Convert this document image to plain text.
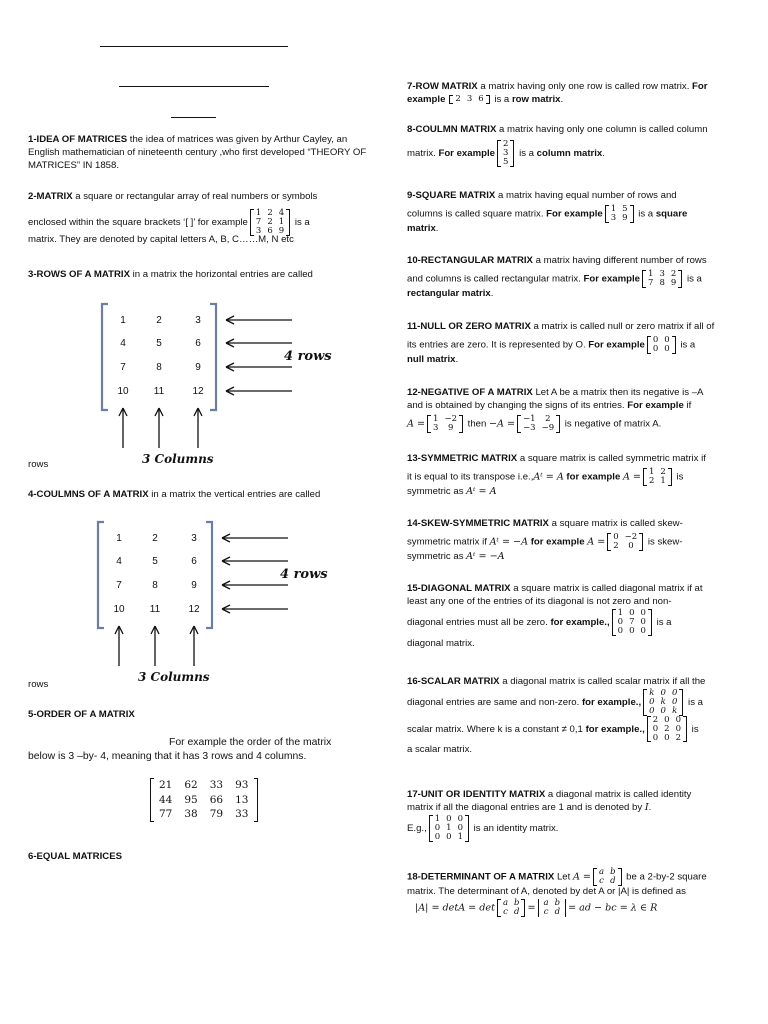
1-IDEA OF MATRICES the idea of matrices was given by Arthur Cayley, an English mathematician of nineteenth century ,who first developed “THEORY OF MATRICES” IN 1858.
2-MATRIX a square or rectangular array of real numbers or symbols
enclosed within the square brackets ‘[ ]’ for example
1	2	4
7	2	1
3	6	9
is a
matrix. They are denoted by capital letters A, B, C……M, N etc
3-ROWS OF A MATRIX in a matrix the horizontal entries are called
1	2	3
4	5	6
7	8	9
10	11	12
4 rows
3 Columns
rows
4-COULMNS OF A MATRIX in a matrix the vertical entries are called
1	2	3
4	5	6
7	8	9
10	11	12
4 rows
3 Columns
rows
5-ORDER OF A MATRIX
For example the order of the matrix
below is 3 –by- 4, meaning that it has 3 rows and 4 columns.
21	62	33	93
44	95	66	13
77	38	79	33
6-EQUAL MATRICES
7-ROW MATRIX a matrix having only one row is called row matrix. For example 2	3	6 is a row matrix.
8-COULMN MATRIX a matrix having only one column is called column
matrix. For example
2
3
5
is a column matrix.
9-SQUARE MATRIX a matrix having equal number of rows and
columns is called square matrix. For example 1	5
3	9 is a square
matrix.
10-RECTANGULAR MATRIX a matrix having different number of rows
and columns is called rectangular matrix. For example 1	3	2
7	8	9 is a
rectangular matrix.
11-NULL OR ZERO MATRIX a matrix is called null or zero matrix if all of
its entries are zero. It is represented by O. For example 0	0
0	0 is a
null matrix.
12-NEGATIVE OF A MATRIX Let A be a matrix then its negative is –A
and is obtained by changing the signs of its entries. For example if
A = 1	−2
3	9 then −A = −1	2
−3	−9 is negative of matrix A.
13-SYMMETRIC MATRIX a square matrix is called symmetric matrix if
it is equal to its transpose i.e.,Aᵗ = A for example A = 1	2
2	1 is
symmetric as Aᵗ = A
14-SKEW-SYMMETRIC MATRIX a square matrix is called skew-
symmetric matrix if Aᵗ = −A for example A = 0	−2
2	0 is skew-
symmetric as Aᵗ = −A
15-DIAGONAL MATRIX a square matrix is called diagonal matrix if at
least any one of the entries of its diagonal is not zero and non-
diagonal entries must all be zero. for example.,
1	0	0
0	7	0
0	0	0
is a
diagonal matrix.
16-SCALAR MATRIX a diagonal matrix is called scalar matrix if all the
diagonal entries are same and non-zero. for example.,
k	0	0
0	k	0
0	0	k
is a
scalar matrix. Where k is a constant ≠ 0,1 for example.,
2	0	0
0	2	0
0	0	2
is
a scalar matrix.
17-UNIT OR IDENTITY MATRIX a diagonal matrix is called identity
matrix if all the diagonal entries are 1 and is denoted by I.
E.g.,
1	0	0
0	1	0
0	0	1
is an identity matrix.
18-DETERMINANT OF A MATRIX Let A = a	b
c	d be a 2-by-2 square
matrix. The determinant of A, denoted by det A or |A| is defined as
|A| = detA = det a	b
c	d = a	b
c	d = ad − bc = λ ∈ R
